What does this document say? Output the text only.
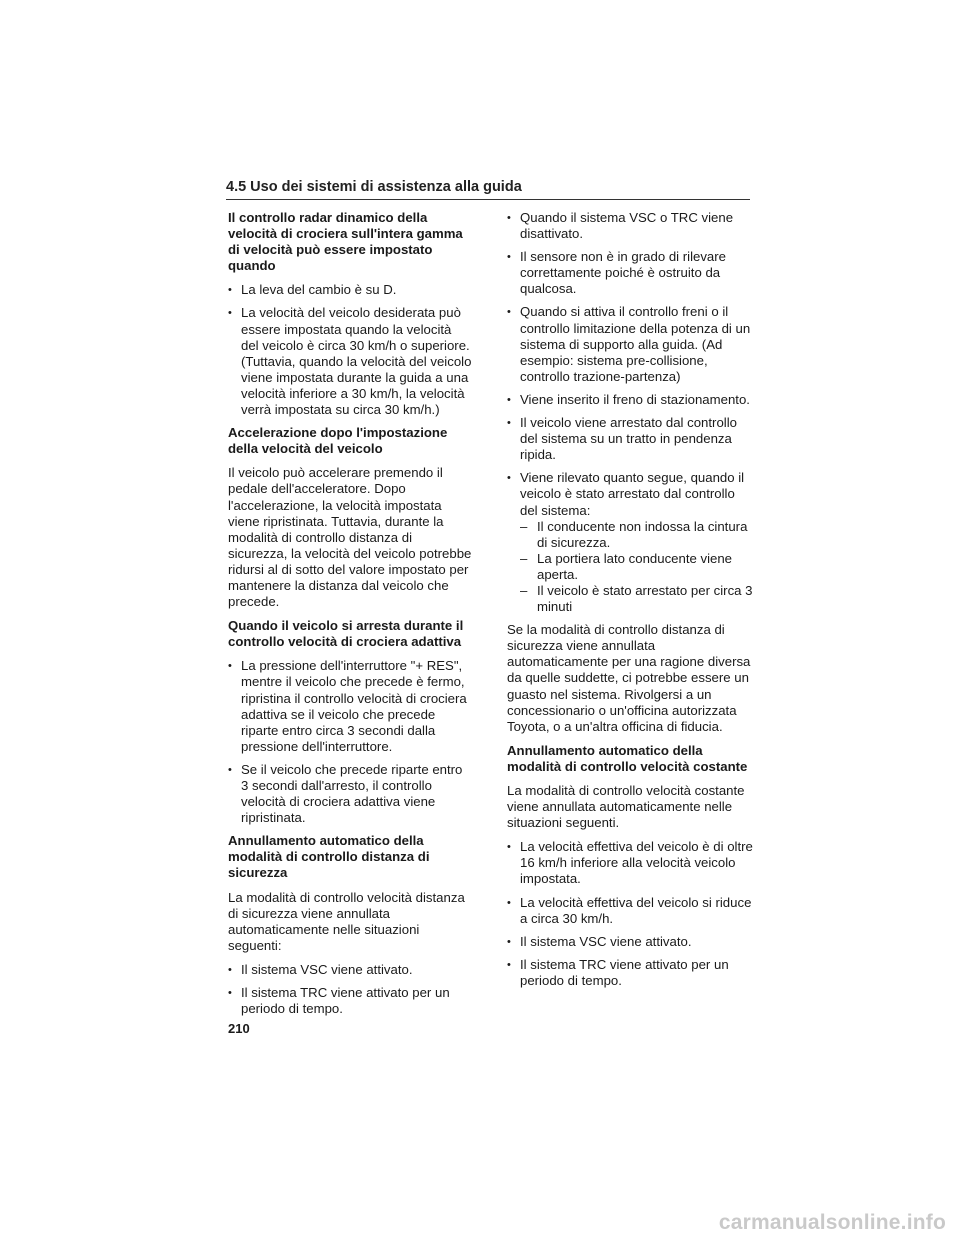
4.5 Uso dei sistemi di assistenza alla guida
Il controllo radar dinamico della velocità di crociera sull'intera gamma di velocità può essere impostato quando
• La leva del cambio è su D.
• La velocità del veicolo desiderata può essere impostata quando la velocità del veicolo è circa 30 km/h o superiore. (Tuttavia, quando la velocità del veicolo viene impostata durante la guida a una velocità inferiore a 30 km/h, la velocità verrà impostata su circa 30 km/h.)
Accelerazione dopo l'impostazione della velocità del veicolo
Il veicolo può accelerare premendo il pedale dell'acceleratore. Dopo l'accelerazione, la velocità impostata viene ripristinata. Tuttavia, durante la modalità di controllo distanza di sicurezza, la velocità del veicolo potrebbe ridursi al di sotto del valore impostato per mantenere la distanza dal veicolo che precede.
Quando il veicolo si arresta durante il controllo velocità di crociera adattiva
• La pressione dell'interruttore "+ RES", mentre il veicolo che precede è fermo, ripristina il controllo velocità di crociera adattiva se il veicolo che precede riparte entro circa 3 secondi dalla pressione dell'interruttore.
• Se il veicolo che precede riparte entro 3 secondi dall'arresto, il controllo velocità di crociera adattiva viene ripristinata.
Annullamento automatico della modalità di controllo distanza di sicurezza
La modalità di controllo velocità distanza di sicurezza viene annullata automaticamente nelle situazioni seguenti:
• Il sistema VSC viene attivato.
• Il sistema TRC viene attivato per un periodo di tempo.
• Quando il sistema VSC o TRC viene disattivato.
• Il sensore non è in grado di rilevare correttamente poiché è ostruito da qualcosa.
• Quando si attiva il controllo freni o il controllo limitazione della potenza di un sistema di supporto alla guida. (Ad esempio: sistema pre-collisione, controllo trazione-partenza)
• Viene inserito il freno di stazionamento.
• Il veicolo viene arrestato dal controllo del sistema su un tratto in pendenza ripida.
• Viene rilevato quanto segue, quando il veicolo è stato arrestato dal controllo del sistema:
– Il conducente non indossa la cintura di sicurezza.
– La portiera lato conducente viene aperta.
– Il veicolo è stato arrestato per circa 3 minuti
Se la modalità di controllo distanza di sicurezza viene annullata automaticamente per una ragione diversa da quelle suddette, ci potrebbe essere un guasto nel sistema. Rivolgersi a un concessionario o un'officina autorizzata Toyota, o a un'altra officina di fiducia.
Annullamento automatico della modalità di controllo velocità costante
La modalità di controllo velocità costante viene annullata automaticamente nelle situazioni seguenti.
• La velocità effettiva del veicolo è di oltre 16 km/h inferiore alla velocità veicolo impostata.
• La velocità effettiva del veicolo si riduce a circa 30 km/h.
• Il sistema VSC viene attivato.
• Il sistema TRC viene attivato per un periodo di tempo.
210
carmanualsonline.info
